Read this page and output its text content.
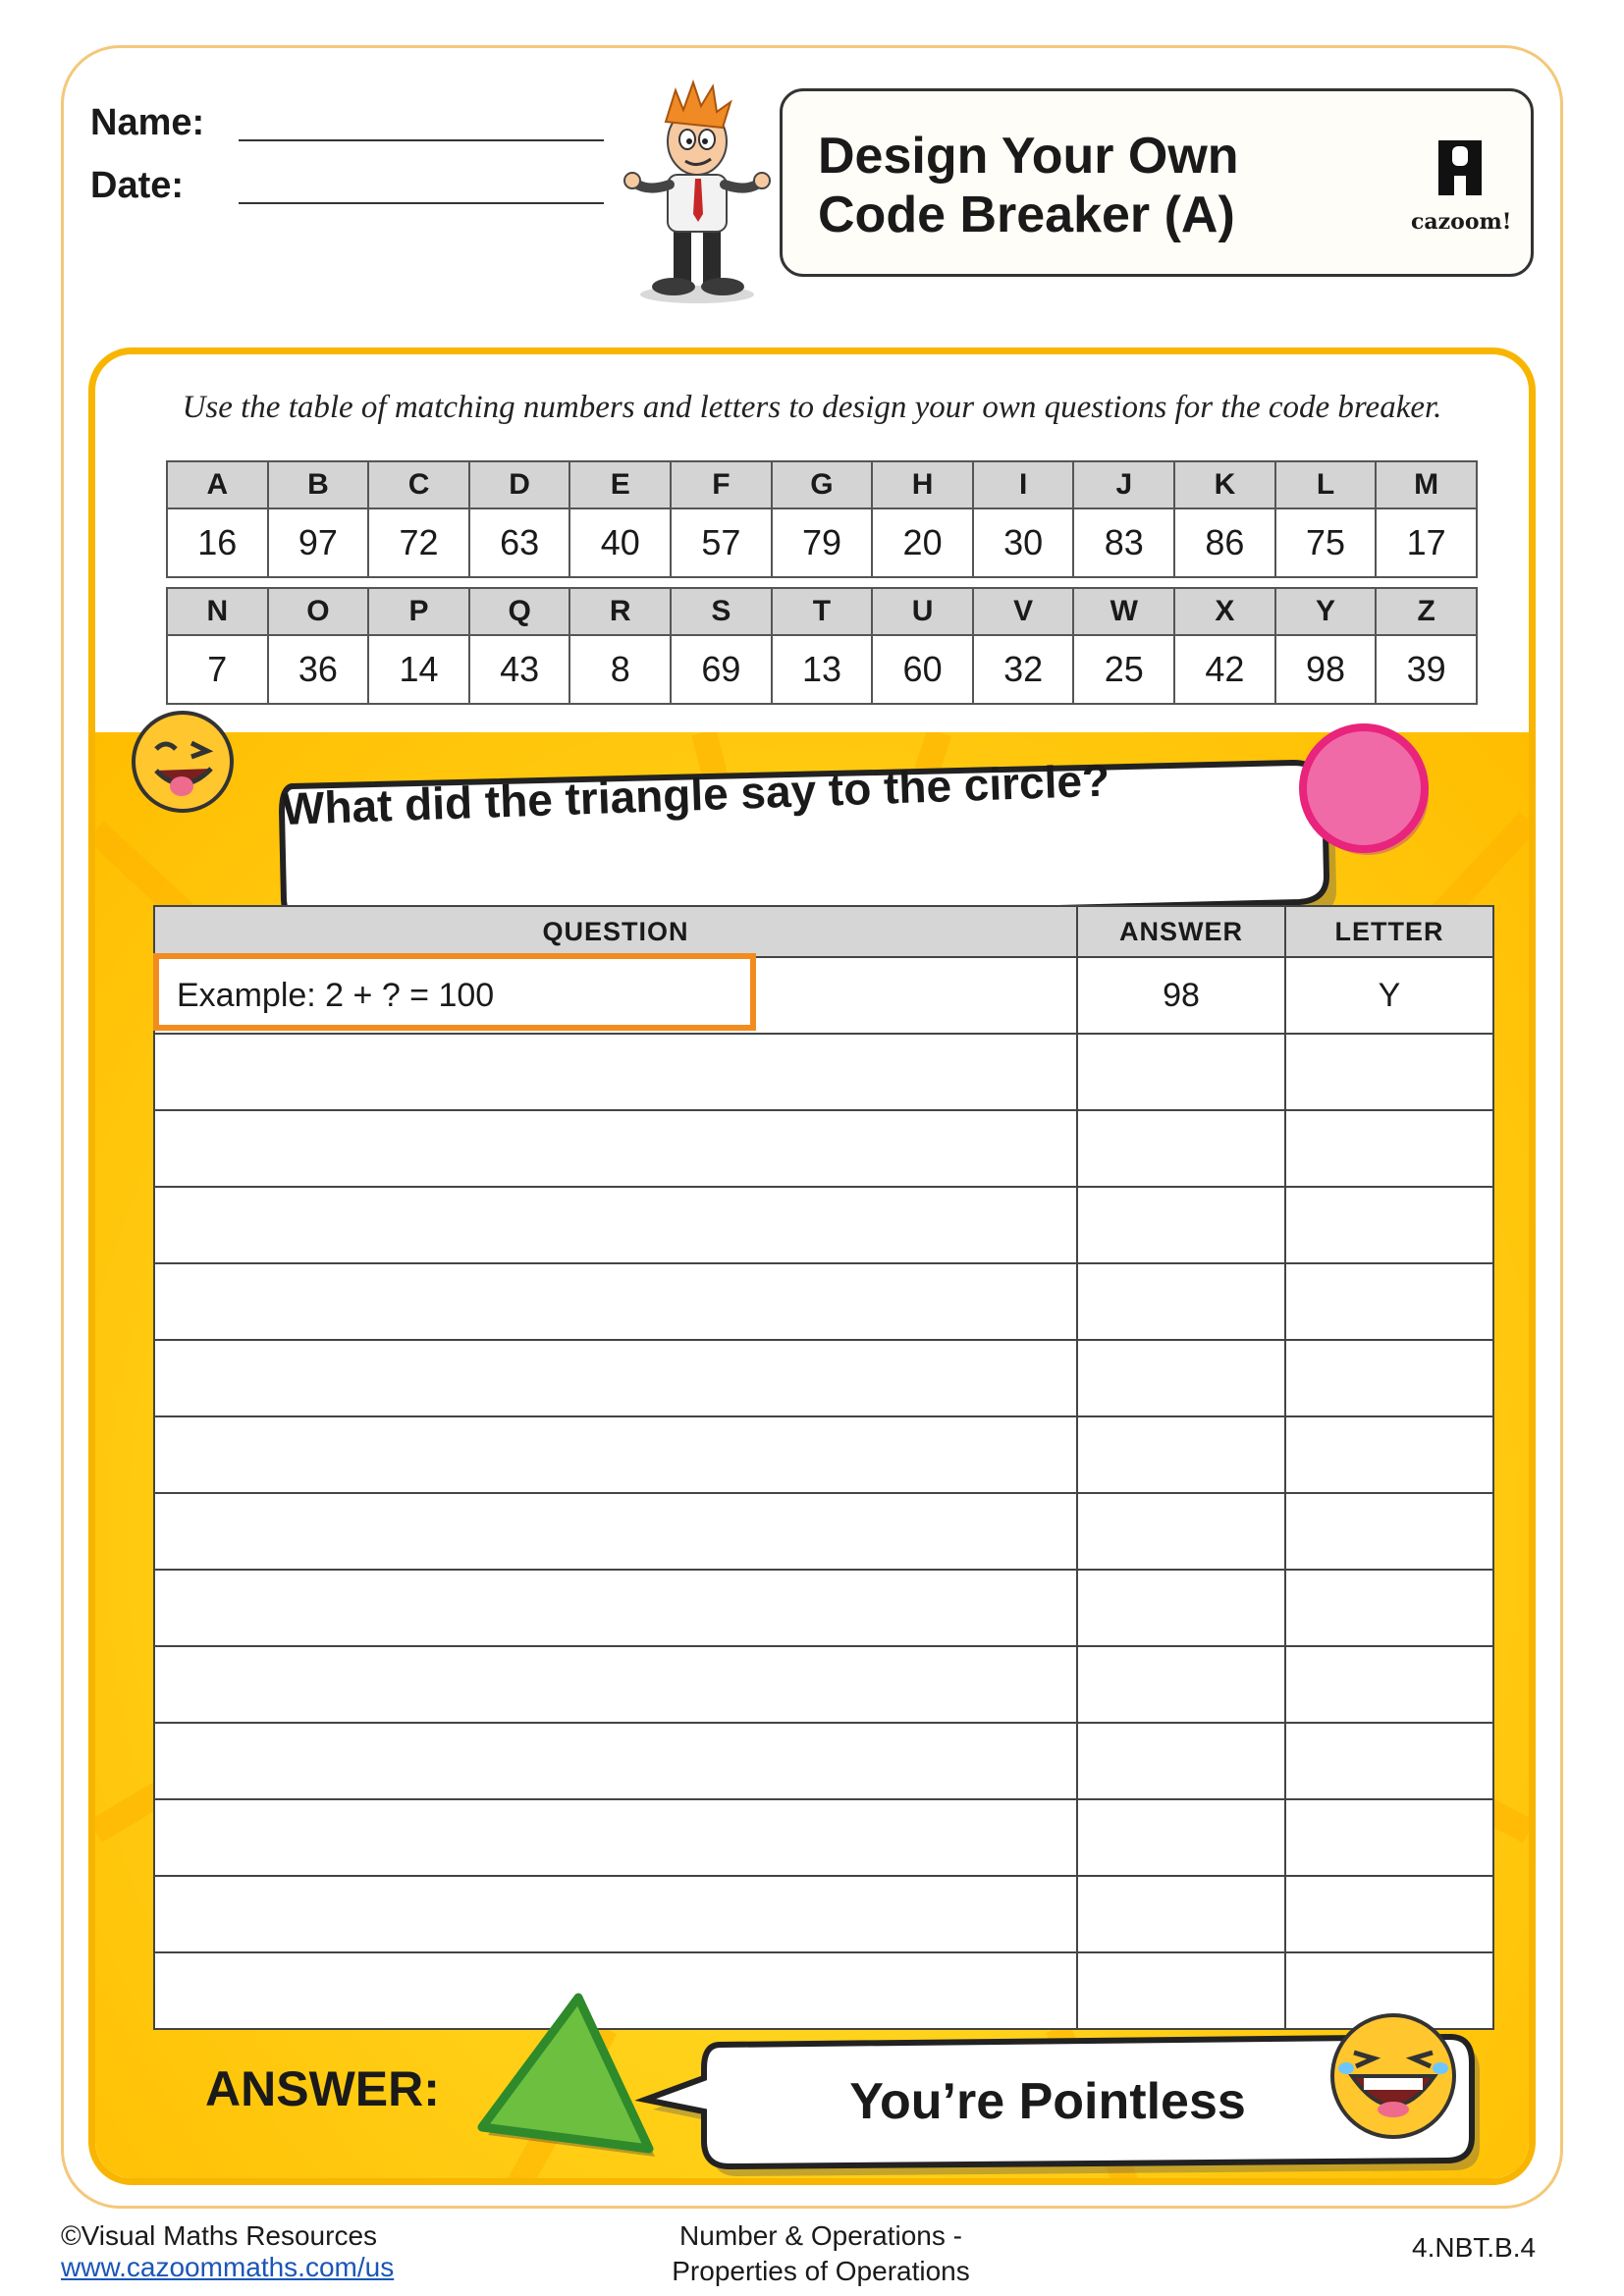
Name:
Date:
Design Your Own
Code Breaker (A)	cazoom!
Use the table of matching numbers and letters to design your own questions for the code breaker.
A	B	C	D	E	F	G	H	I	J	K	L	M
16	97	72	63	40	57	79	20	30	83	86	75	17
N	O	P	Q	R	S	T	U	V	W	X	Y	Z
7	36	14	43	8	69	13	60	32	25	42	98	39
What did the triangle say to the circle?
QUESTION	ANSWER	LETTER
Example: 2 + ? = 100	98	Y

ANSWER:	You’re Pointless
©Visual Maths Resources
www.cazoommaths.com/us
Number & Operations -
Properties of Operations
4.NBT.B.4
